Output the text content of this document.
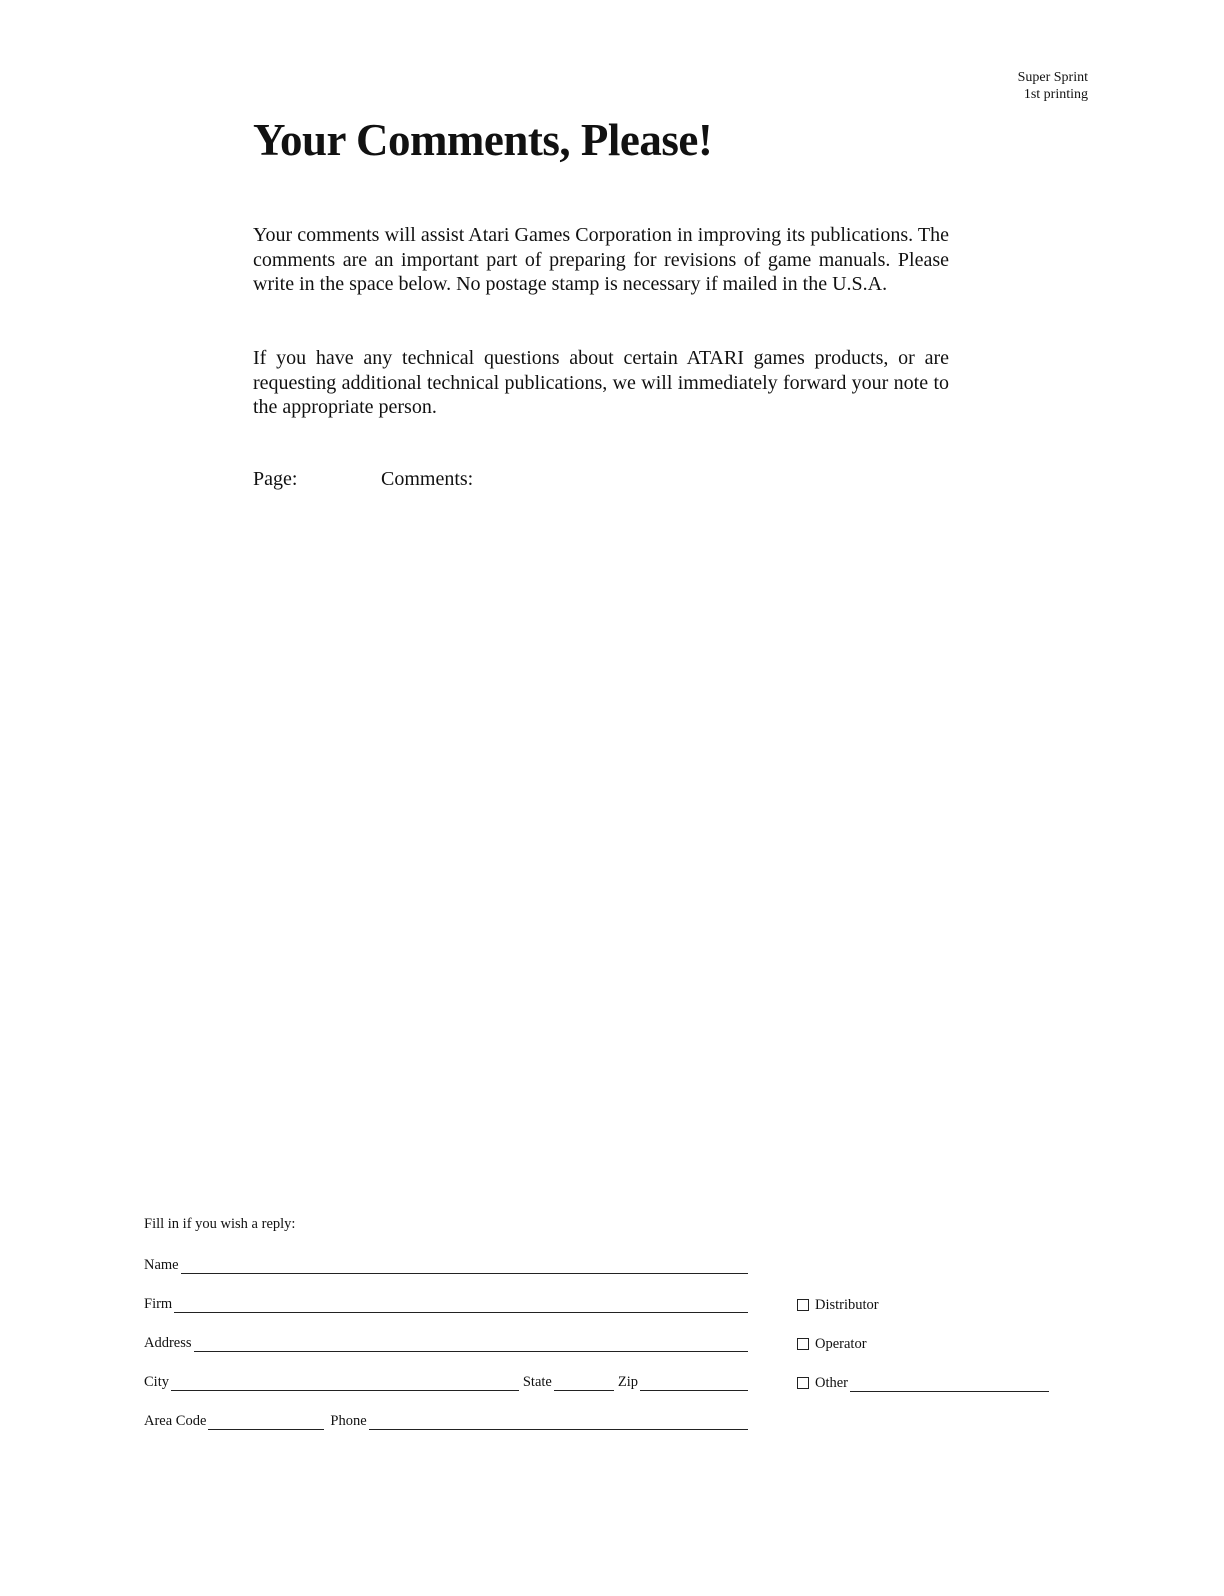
Super Sprint
1st printing
Your Comments, Please!
Your comments will assist Atari Games Corporation in improving its publications. The comments are an important part of preparing for revisions of game manuals. Please write in the space below. No postage stamp is necessary if mailed in the U.S.A.
If you have any technical questions about certain ATARI games products, or are requesting additional technical publications, we will immediately forward your note to the appropriate person.
Page:	Comments:
Fill in if you wish a reply:
Name
Firm
Address
City	State	Zip
Area Code	Phone
Distributor
Operator
Other
